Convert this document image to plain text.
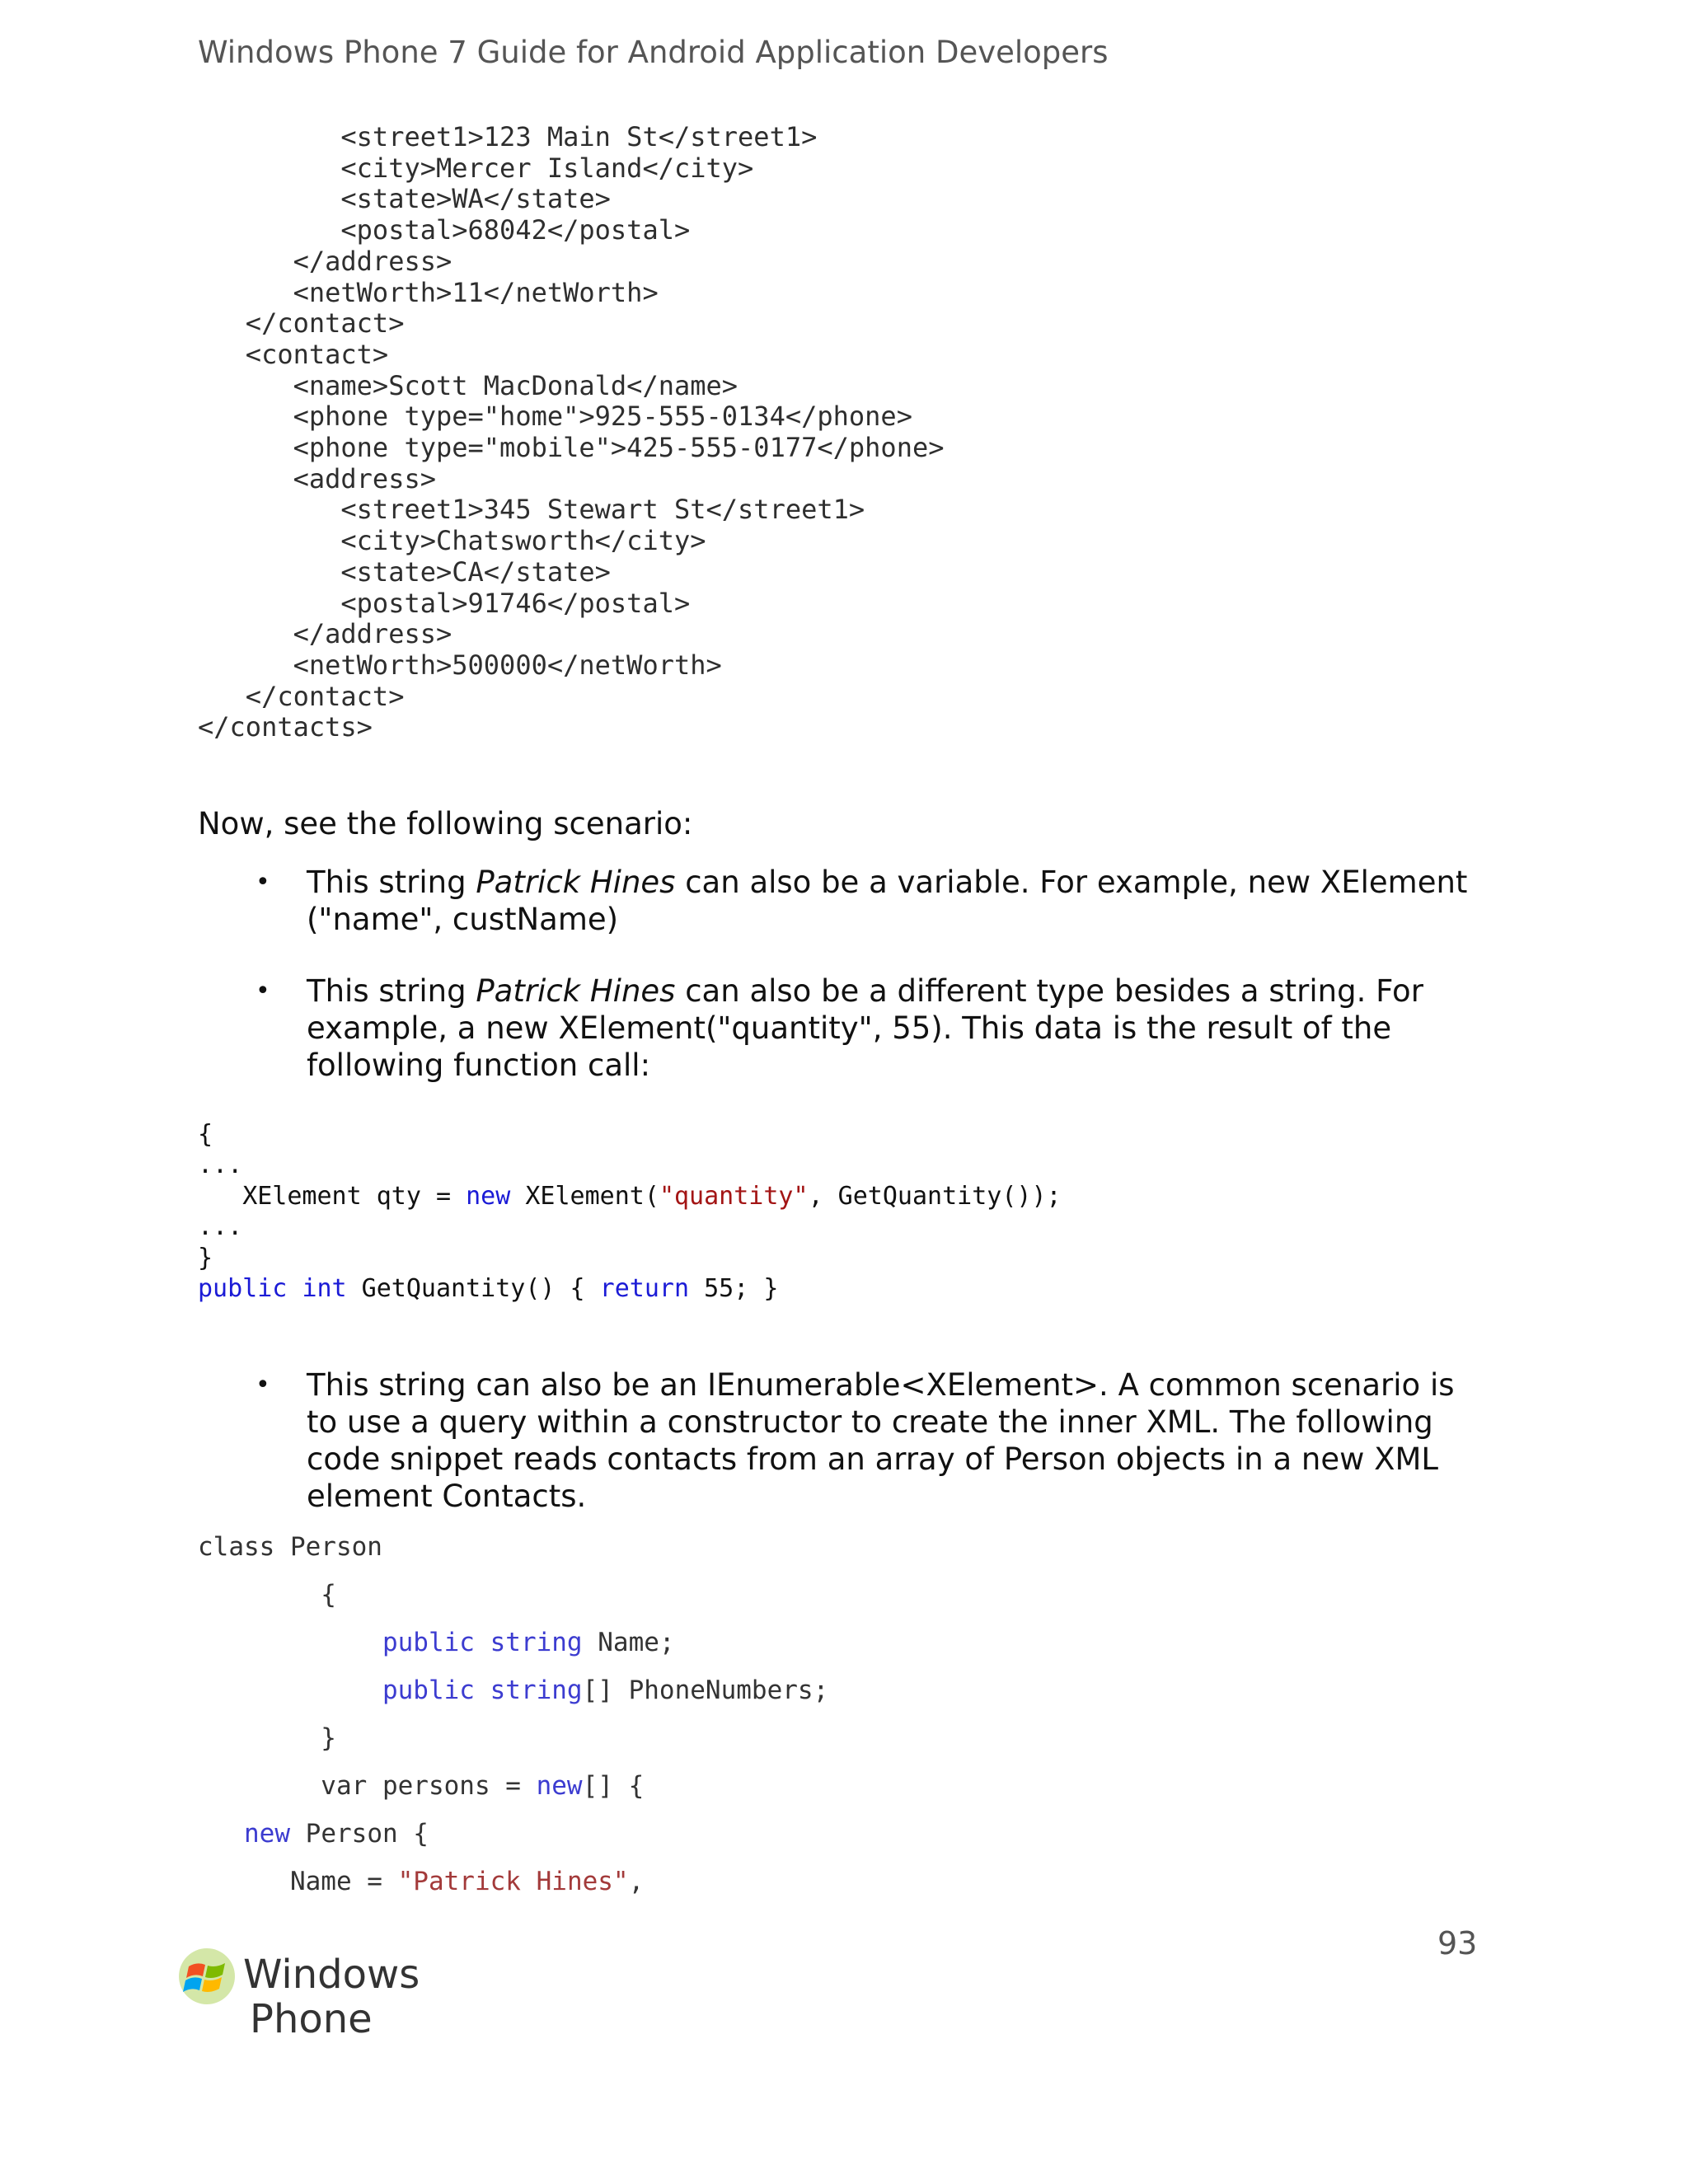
Windows Phone 7 Guide for Android Application Developers
<street1>123 Main St</street1>
<city>Mercer Island</city>
<state>WA</state>
<postal>68042</postal>
</address>
<netWorth>11</netWorth>
</contact>
<contact>
<name>Scott MacDonald</name>
<phone type="home">925-555-0134</phone>
<phone type="mobile">425-555-0177</phone>
<address>
<street1>345 Stewart St</street1>
<city>Chatsworth</city>
<state>CA</state>
<postal>91746</postal>
</address>
<netWorth>500000</netWorth>
</contact>
</contacts>
Now, see the following scenario:
• This string Patrick Hines can also be a variable. For example, new XElement ("name", custName)
• This string Patrick Hines can also be a different type besides a string. For example, a new XElement("quantity", 55). This data is the result of the following function call:
{
...
XElement qty = new XElement("quantity", GetQuantity());
...
}
public int GetQuantity() { return 55; }
• This string can also be an IEnumerable<XElement>. A common scenario is to use a query within a constructor to create the inner XML. The following code snippet reads contacts from an array of Person objects in a new XML element Contacts.
class Person
{
public string Name;
public string[] PhoneNumbers;
}
var persons = new[] {
new Person {
Name = "Patrick Hines",
93
Windows
Phone
